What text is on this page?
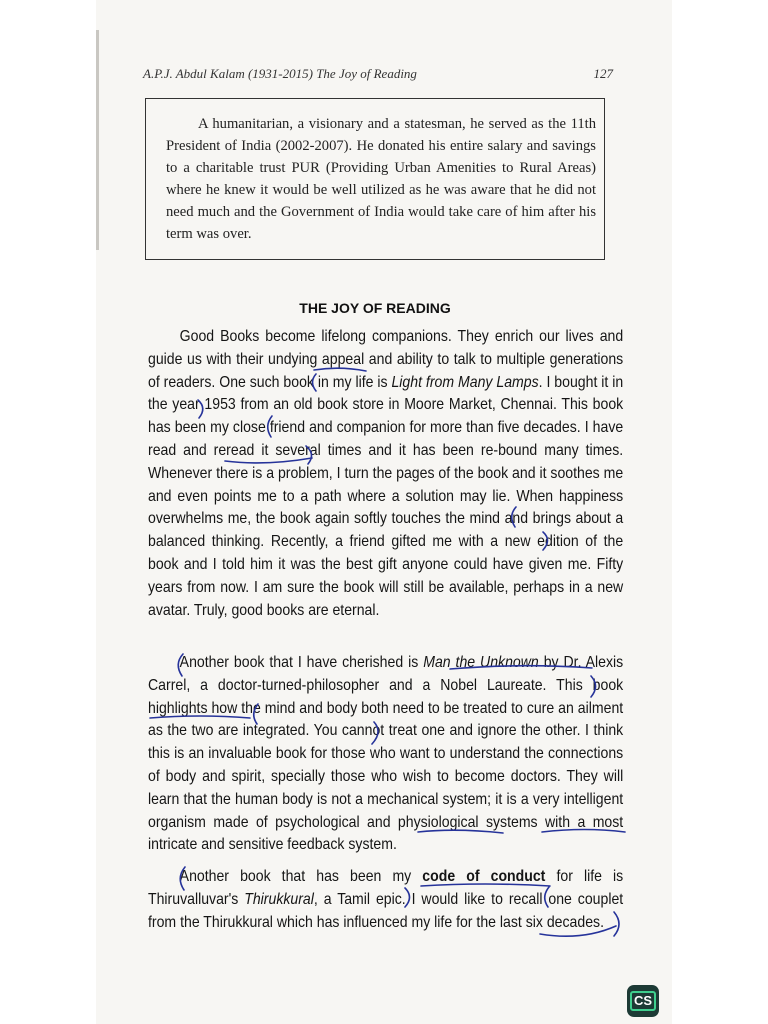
A.P.J. Abdul Kalam (1931-2015) The Joy of Reading	127
A humanitarian, a visionary and a statesman, he served as the 11th President of India (2002-2007). He donated his entire salary and savings to a charitable trust PUR (Providing Urban Amenities to Rural Areas) where he knew it would be well utilized as he was aware that he did not need much and the Government of India would take care of him after his term was over.
THE JOY OF READING
Good Books become lifelong companions. They enrich our lives and guide us with their undying appeal and ability to talk to multiple generations of readers. One such book in my life is Light from Many Lamps. I bought it in the year 1953 from an old book store in Moore Market, Chennai. This book has been my close friend and companion for more than five decades. I have read and reread it several times and it has been re-bound many times. Whenever there is a problem, I turn the pages of the book and it soothes me and even points me to a path where a solution may lie. When happiness overwhelms me, the book again softly touches the mind and brings about a balanced thinking. Recently, a friend gifted me with a new edition of the book and I told him it was the best gift anyone could have given me. Fifty years from now. I am sure the book will still be available, perhaps in a new avatar. Truly, good books are eternal.
Another book that I have cherished is Man the Unknown by Dr. Alexis Carrel, a doctor-turned-philosopher and a Nobel Laureate. This book highlights how the mind and body both need to be treated to cure an ailment as the two are integrated. You cannot treat one and ignore the other. I think this is an invaluable book for those who want to understand the connections of body and spirit, specially those who wish to become doctors. They will learn that the human body is not a mechanical system; it is a very intelligent organism made of psychological and physiological systems with a most intricate and sensitive feedback system.
Another book that has been my code of conduct for life is Thiruvalluvar's Thirukkural, a Tamil epic. I would like to recall one couplet from the Thirukkural which has influenced my life for the last six decades.
CS
